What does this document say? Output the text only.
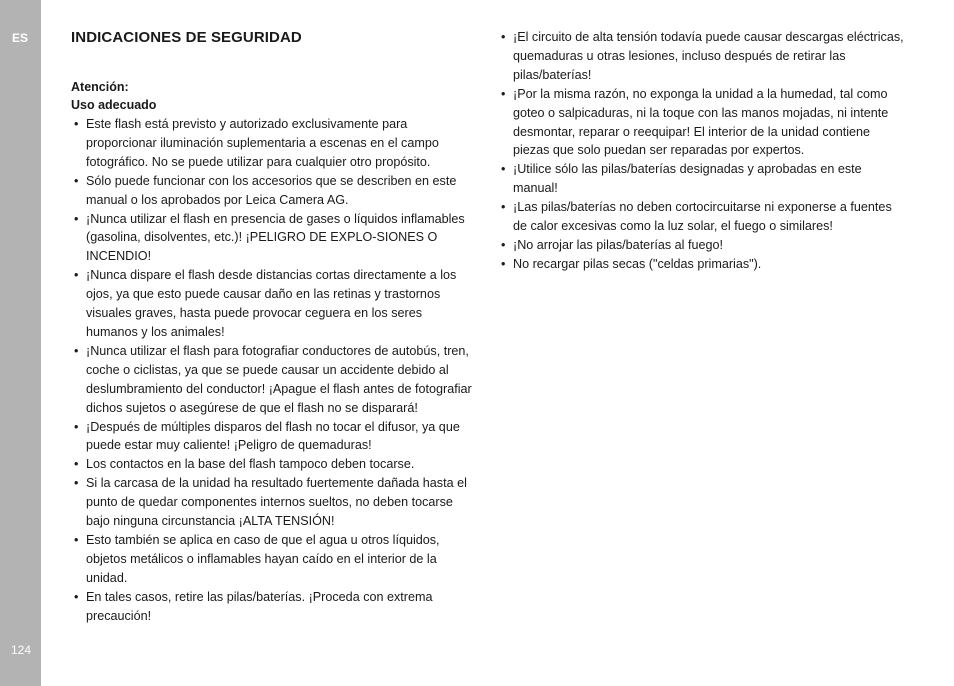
ES
124
INDICACIONES DE SEGURIDAD
Atención:
Uso adecuado
• Este flash está previsto y autorizado exclusivamente para proporcionar iluminación suplementaria a escenas en el campo fotográfico. No se puede utilizar para cualquier otro propósito.
• Sólo puede funcionar con los accesorios que se describen en este manual o los aprobados por Leica Camera AG.
• ¡Nunca utilizar el flash en presencia de gases o líquidos inflamables (gasolina, disolventes, etc.)! ¡PELIGRO DE EXPLO-SIONES O INCENDIO!
• ¡Nunca dispare el flash desde distancias cortas directamente a los ojos, ya que esto puede causar daño en las retinas y trastornos visuales graves, hasta puede provocar ceguera en los seres humanos y los animales!
• ¡Nunca utilizar el flash para fotografiar conductores de autobús, tren, coche o ciclistas, ya que se puede causar un accidente debido al deslumbramiento del conductor! ¡Apague el flash antes de fotografiar dichos sujetos o asegúrese de que el flash no se disparará!
• ¡Después de múltiples disparos del flash no tocar el difusor, ya que puede estar muy caliente! ¡Peligro de quemaduras!
• Los contactos en la base del flash tampoco deben tocarse.
• Si la carcasa de la unidad ha resultado fuertemente dañada hasta el punto de quedar componentes internos sueltos, no deben tocarse bajo ninguna circunstancia ¡ALTA TENSIÓN!
• Esto también se aplica en caso de que el agua u otros líquidos, objetos metálicos o inflamables hayan caído en el interior de la unidad.
• En tales casos, retire las pilas/baterías. ¡Proceda con extrema precaución!
• ¡El circuito de alta tensión todavía puede causar descargas eléctricas, quemaduras u otras lesiones, incluso después de retirar las pilas/baterías!
• ¡Por la misma razón, no exponga la unidad a la humedad, tal como goteo o salpicaduras, ni la toque con las manos mojadas, ni intente desmontar, reparar o reequipar! El interior de la unidad contiene piezas que solo puedan ser reparadas por expertos.
• ¡Utilice sólo las pilas/baterías designadas y aprobadas en este manual!
• ¡Las pilas/baterías no deben cortocircuitarse ni exponerse a fuentes de calor excesivas como la luz solar, el fuego o similares!
• ¡No arrojar las pilas/baterías al fuego!
• No recargar pilas secas ("celdas primarias").
